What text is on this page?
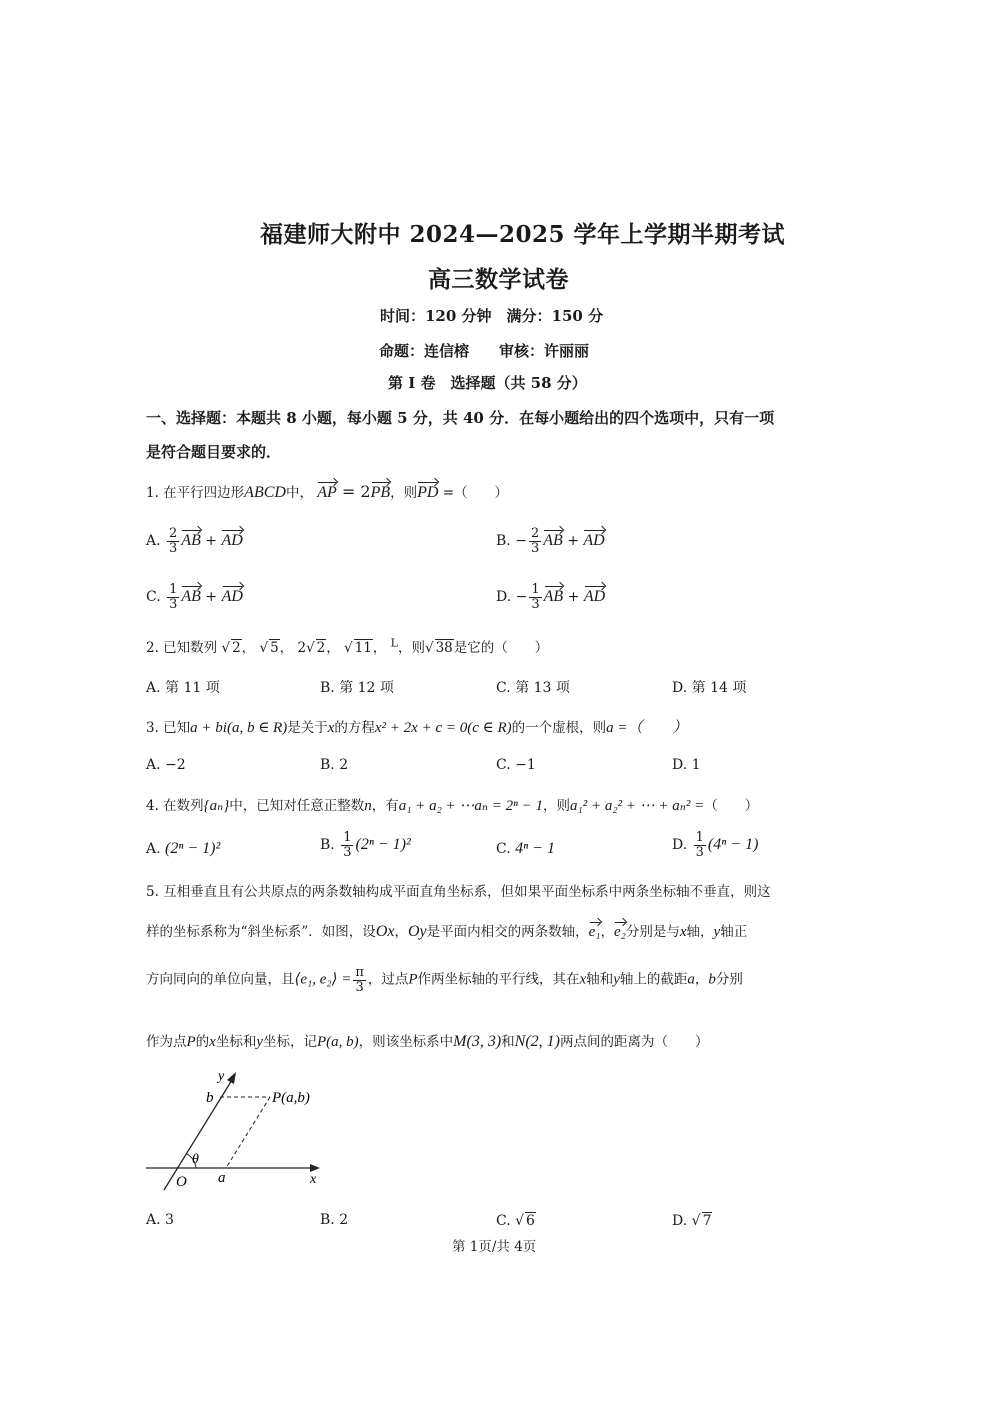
福建师大附中 2024—2025 学年上学期半期考试
高三数学试卷
时间：120 分钟　满分：150 分
命题：连信榕　　审核：许丽丽
第 I 卷　选择题（共 58 分）
一、选择题：本题共 8 小题，每小题 5 分，共 40 分．在每小题给出的四个选项中，只有一项
是符合题目要求的．
1. 在平行四边形ABCD中， AP = 2PB，则PD =（　　）
A. $\frac{2}{3}$ AB + AD	B. − $\frac{2}{3}$ AB + AD
C. $\frac{1}{3}$ AB + AD	D. − $\frac{1}{3}$ AB + AD
2. 已知数列 √ 2， √ 5， 2√ 2， √ 11， $^L$，则√ 38是它的（　　）
A. 第 11 项	B. 第 12 项	C. 第 13 项	D. 第 14 项
3. 已知a + bi(a, b ∈ R)是关于x的方程x² + 2x + c = 0(c ∈ R)的一个虚根，则a =（　　）
A. −2	B. 2	C. −1	D. 1
4. 在数列{aₙ}中，已知对任意正整数n，有a₁ + a₂ + ⋯aₙ = 2ⁿ − 1，则a₁² + a₂² + ⋯ + aₙ² =（　　）
A. (2ⁿ − 1)²	B. $\frac{1}{3} (2^n - 1)^2$	C. 4ⁿ − 1	D. $\frac{1}{3} (4^n - 1)$
5. 互相垂直且有公共原点的两条数轴构成平面直角坐标系，但如果平面坐标系中两条坐标轴不垂直，则这
样的坐标系称为“斜坐标系”．如图，设Ox，Oy是平面内相交的两条数轴，e₁，e₂分别是与x轴，y轴正
方向同向的单位向量，且⟨e₁, e₂⟩ = $\frac{\pi}{3}$ ，过点P作两坐标轴的平行线，其在x轴和y轴上的截距a，b分别
作为点P的x坐标和y坐标，记P(a, b)，则该坐标系中M(3, 3)和N(2, 1)两点间的距离为（　　）
y
b	P(a,b)
θ
O a	x
A. 3	B. 2	C. √ 6	D. √ 7
第 1页/共 4页
